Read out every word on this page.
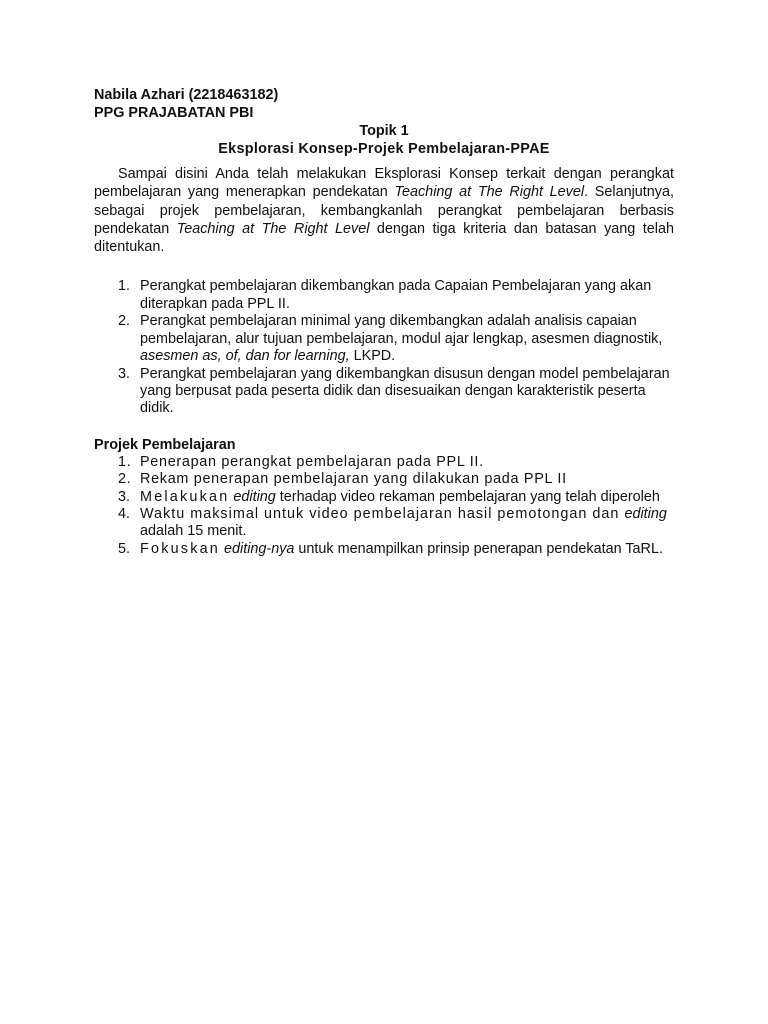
Nabila Azhari (2218463182)

PPG PRAJABATAN PBI

Topik 1

Eksplorasi Konsep-Projek Pembelajaran-PPAE

Sampai disini Anda telah melakukan Eksplorasi Konsep terkait dengan perangkat pembelajaran yang menerapkan pendekatan Teaching at The Right Level. Selanjutnya, sebagai projek pembelajaran, kembangkanlah perangkat pembelajaran berbasis pendekatan Teaching at The Right Level dengan tiga kriteria dan batasan yang telah ditentukan.

1. Perangkat pembelajaran dikembangkan pada Capaian Pembelajaran yang akan diterapkan pada PPL II.
2. Perangkat pembelajaran minimal yang dikembangkan adalah analisis capaian pembelajaran, alur tujuan pembelajaran, modul ajar lengkap, asesmen diagnostik, asesmen as, of, dan for learning, LKPD.
3. Perangkat pembelajaran yang dikembangkan disusun dengan model pembelajaran yang berpusat pada peserta didik dan disesuaikan dengan karakteristik peserta didik.

Projek Pembelajaran

1. Penerapan perangkat pembelajaran pada PPL II.
2. Rekam penerapan pembelajaran yang dilakukan pada PPL II
3. Melakukan editing terhadap video rekaman pembelajaran yang telah diperoleh
4. Waktu maksimal untuk video pembelajaran hasil pemotongan dan editing adalah 15 menit.
5. Fokuskan editing-nya untuk menampilkan prinsip penerapan pendekatan TaRL.
